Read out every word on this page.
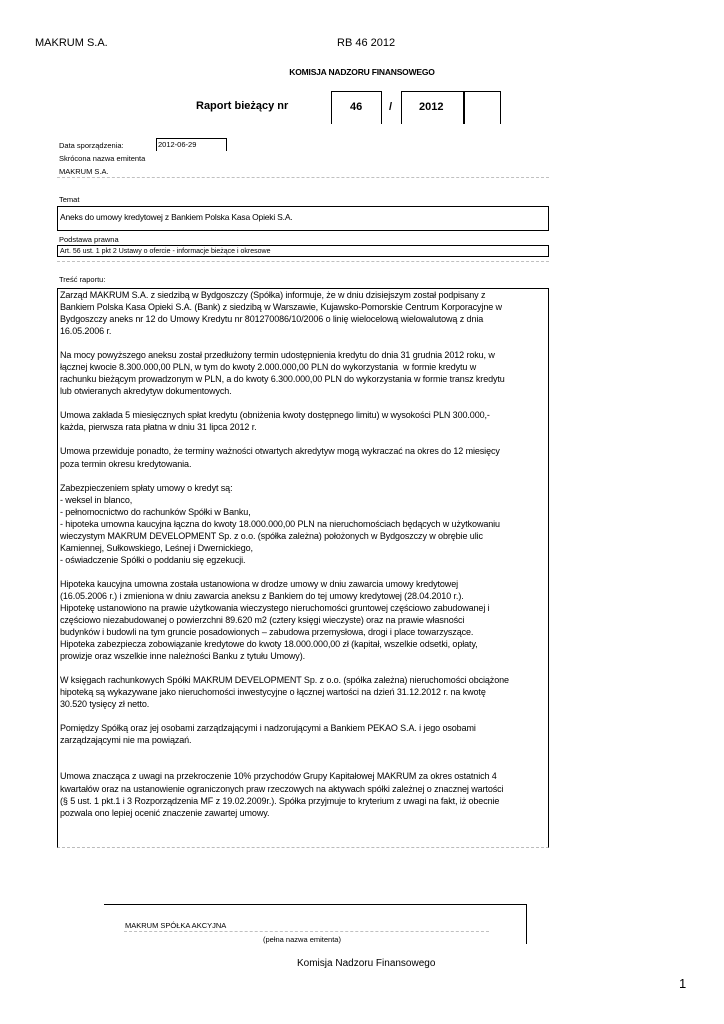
MAKRUM S.A.	RB 46 2012
KOMISJA NADZORU FINANSOWEGO
Raport bieżący nr	46 / 2012
Data sporządzenia:	2012-06-29
Skrócona nazwa emitenta
MAKRUM S.A.
Temat
Aneks do umowy kredytowej z Bankiem Polska Kasa Opieki S.A.
Podstawa prawna
Art. 56 ust. 1 pkt 2 Ustawy o ofercie - informacje bieżące i okresowe
Treść raportu:

Zarząd MAKRUM S.A. z siedzibą w Bydgoszczy (Spółka) informuje, że w dniu dzisiejszym został podpisany z
Bankiem Polska Kasa Opieki S.A. (Bank) z siedzibą w Warszawie, Kujawsko-Pomorskie Centrum Korporacyjne w
Bydgoszczy aneks nr 12 do Umowy Kredytu nr 801270086/10/2006 o linię wielocelową wielowalutową z dnia
16.05.2006 r.

Na mocy powyższego aneksu został przedłużony termin udostępnienia kredytu do dnia 31 grudnia 2012 roku, w
łącznej kwocie 8.300.000,00 PLN, w tym do kwoty 2.000.000,00 PLN do wykorzystania  w formie kredytu w
rachunku bieżącym prowadzonym w PLN, a do kwoty 6.300.000,00 PLN do wykorzystania w formie transz kredytu
lub otwieranych akredytyw dokumentowych.

Umowa zakłada 5 miesięcznych spłat kredytu (obniżenia kwoty dostępnego limitu) w wysokości PLN 300.000,-
każda, pierwsza rata płatna w dniu 31 lipca 2012 r.

Umowa przewiduje ponadto, że terminy ważności otwartych akredytyw mogą wykraczać na okres do 12 miesięcy
poza termin okresu kredytowania.

Zabezpieczeniem spłaty umowy o kredyt są:
- weksel in blanco,
- pełnomocnictwo do rachunków Spółki w Banku,
- hipoteka umowna kaucyjna łączna do kwoty 18.000.000,00 PLN na nieruchomościach będących w użytkowaniu
wieczystym MAKRUM DEVELOPMENT Sp. z o.o. (spółka zależna) położonych w Bydgoszczy w obrębie ulic
Kamiennej, Sułkowskiego, Leśnej i Dwernickiego,
- oświadczenie Spółki o poddaniu się egzekucji.

Hipoteka kaucyjna umowna została ustanowiona w drodze umowy w dniu zawarcia umowy kredytowej
(16.05.2006 r.) i zmieniona w dniu zawarcia aneksu z Bankiem do tej umowy kredytowej (28.04.2010 r.).
Hipotekę ustanowiono na prawie użytkowania wieczystego nieruchomości gruntowej częściowo zabudowanej i
częściowo niezabudowanej o powierzchni 89.620 m2 (cztery księgi wieczyste) oraz na prawie własności
budynków i budowli na tym gruncie posadowionych – zabudowa przemysłowa, drogi i place towarzyszące.
Hipoteka zabezpiecza zobowiązanie kredytowe do kwoty 18.000.000,00 zł (kapitał, wszelkie odsetki, opłaty,
prowizje oraz wszelkie inne należności Banku z tytułu Umowy).

W księgach rachunkowych Spółki MAKRUM DEVELOPMENT Sp. z o.o. (spółka zależna) nieruchomości obciążone
hipoteką są wykazywane jako nieruchomości inwestycyjne o łącznej wartości na dzień 31.12.2012 r. na kwotę
30.520 tysięcy zł netto.

Pomiędzy Spółką oraz jej osobami zarządzającymi i nadzorującymi a Bankiem PEKAO S.A. i jego osobami
zarządzającymi nie ma powiązań.

Umowa znacząca z uwagi na przekroczenie 10% przychodów Grupy Kapitałowej MAKRUM za okres ostatnich 4
kwartałów oraz na ustanowienie ograniczonych praw rzeczowych na aktywach spółki zależnej o znacznej wartości
(§ 5 ust. 1 pkt.1 i 3 Rozporządzenia MF z 19.02.2009r.). Spółka przyjmuje to kryterium z uwagi na fakt, iż obecnie
pozwala ono lepiej ocenić znaczenie zawartej umowy.

MAKRUM SPÓŁKA AKCYJNA
(pełna nazwa emitenta)
Komisja Nadzoru Finansowego
1
